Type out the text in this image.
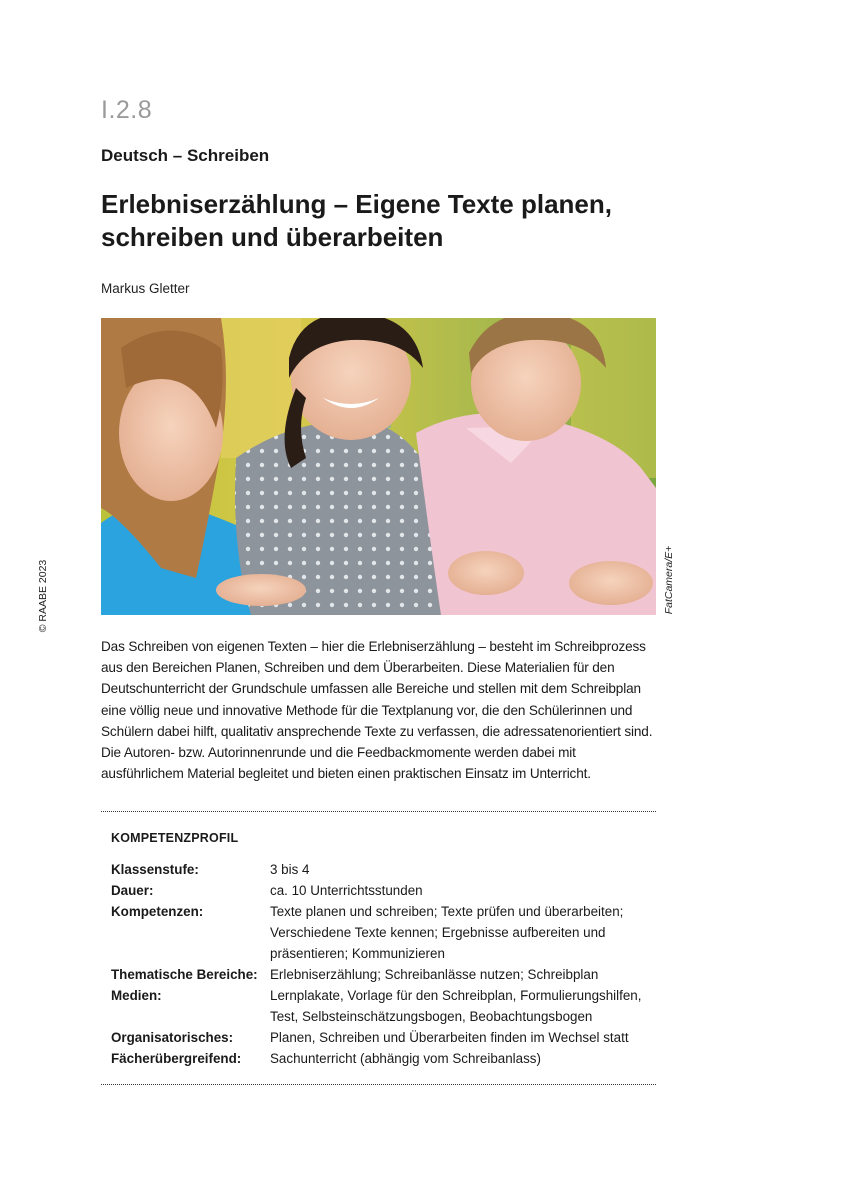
I.2.8
Deutsch – Schreiben
Erlebniserzählung – Eigene Texte planen,
schreiben und überarbeiten
Markus Gletter
© RAABE 2023	FatCamera/E+

Das Schreiben von eigenen Texten – hier die Erlebniserzählung – besteht im Schreibprozess aus den Bereichen Planen, Schreiben und dem Überarbeiten. Diese Materialien für den Deutschunterricht der Grundschule umfassen alle Bereiche und stellen mit dem Schreibplan eine völlig neue und innovative Methode für die Textplanung vor, die den Schülerinnen und Schülern dabei hilft, qualitativ ansprechende Texte zu verfassen, die adressatenorientiert sind. Die Autoren- bzw. Autorinnenrunde und die Feedbackmomente werden dabei mit ausführlichem Material begleitet und bieten einen praktischen Einsatz im Unterricht.

KOMPETENZPROFIL
Klassenstufe:	3 bis 4
Dauer:	ca. 10 Unterrichtsstunden
Kompetenzen:	Texte planen und schreiben; Texte prüfen und überarbeiten; Verschiedene Texte kennen; Ergebnisse aufbereiten und präsentieren; Kommunizieren
Thematische Bereiche: Erlebniserzählung; Schreibanlässe nutzen; Schreibplan
Medien:	Lernplakate, Vorlage für den Schreibplan, Formulierungshilfen, Test, Selbsteinschätzungsbogen, Beobachtungsbogen
Organisatorisches:	Planen, Schreiben und Überarbeiten finden im Wechsel statt
Fächerübergreifend:	Sachunterricht (abhängig vom Schreibanlass)
